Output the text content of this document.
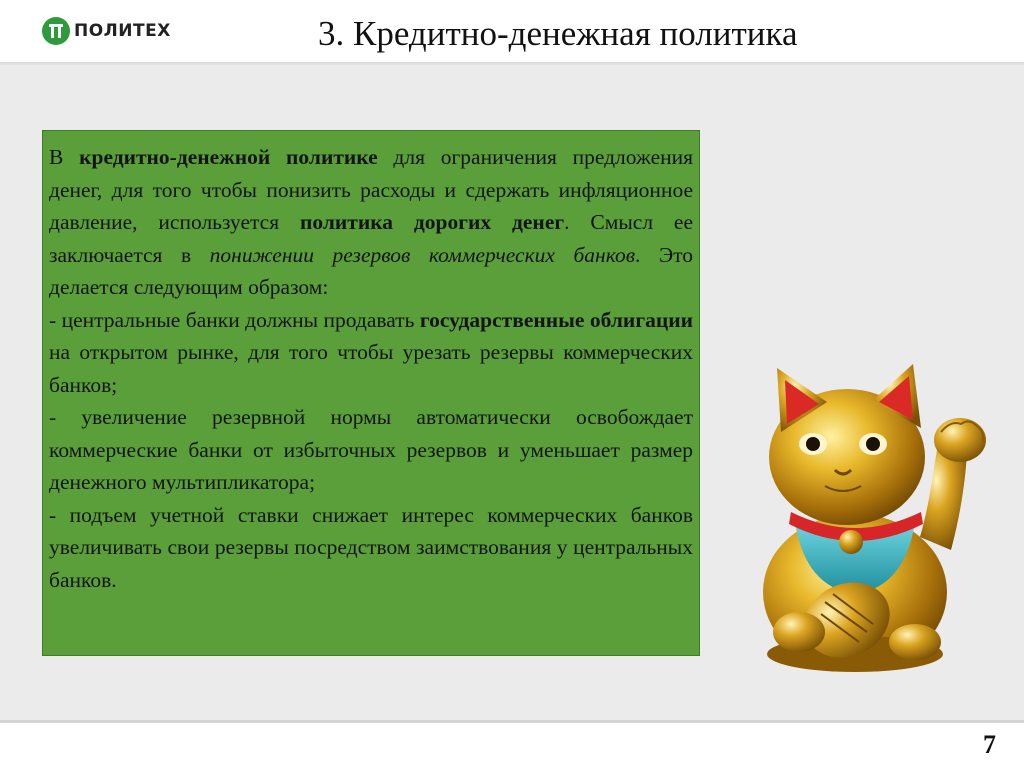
ПОЛИТЕХ	3. Кредитно-денежная политика

В кредитно-денежной политике для ограничения предложения денег, для того чтобы понизить расходы и сдержать инфляционное давление, используется политика дорогих денег. Смысл ее заключается в понижении резервов коммерческих банков. Это делается следующим образом:

- центральные банки должны продавать государственные облигации на открытом рынке, для того чтобы урезать резервы коммерческих банков;

- увеличение резервной нормы автоматически освобождает коммерческие банки от избыточных резервов и уменьшает размер денежного мультипликатора;

- подъем учетной ставки снижает интерес коммерческих банков увеличивать свои резервы посредством заимствования у центральных банков.

7
